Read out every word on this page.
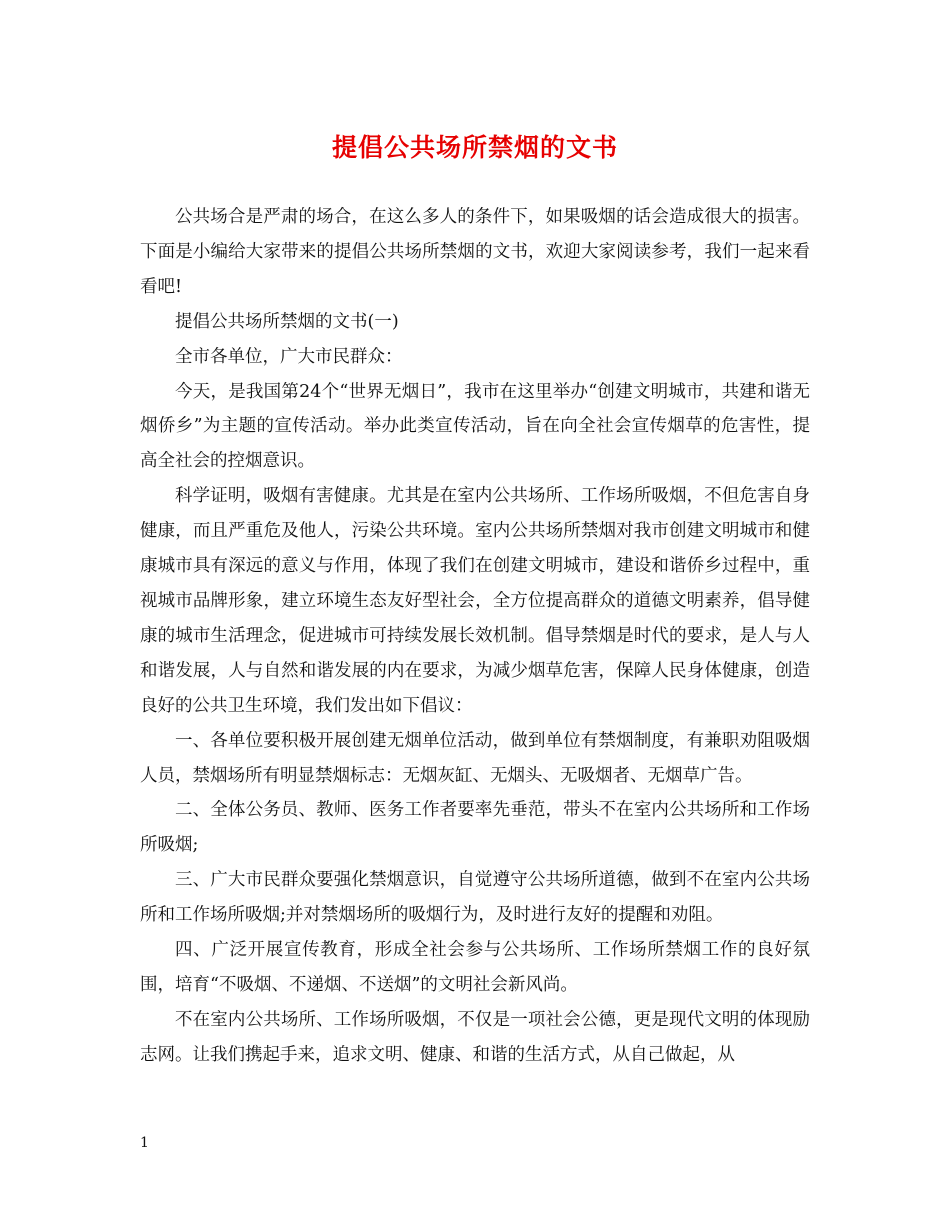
提倡公共场所禁烟的文书

公共场合是严肃的场合，在这么多人的条件下，如果吸烟的话会造成很大的损害。下面是小编给大家带来的提倡公共场所禁烟的文书，欢迎大家阅读参考，我们一起来看看吧!

提倡公共场所禁烟的文书(一)

全市各单位，广大市民群众：

今天，是我国第24个“世界无烟日”，我市在这里举办“创建文明城市，共建和谐无烟侨乡”为主题的宣传活动。举办此类宣传活动，旨在向全社会宣传烟草的危害性，提高全社会的控烟意识。

科学证明，吸烟有害健康。尤其是在室内公共场所、工作场所吸烟，不但危害自身健康，而且严重危及他人，污染公共环境。室内公共场所禁烟对我市创建文明城市和健康城市具有深远的意义与作用，体现了我们在创建文明城市，建设和谐侨乡过程中，重视城市品牌形象，建立环境生态友好型社会，全方位提高群众的道德文明素养，倡导健康的城市生活理念，促进城市可持续发展长效机制。倡导禁烟是时代的要求，是人与人和谐发展，人与自然和谐发展的内在要求，为减少烟草危害，保障人民身体健康，创造良好的公共卫生环境，我们发出如下倡议：

一、各单位要积极开展创建无烟单位活动，做到单位有禁烟制度，有兼职劝阻吸烟人员，禁烟场所有明显禁烟标志：无烟灰缸、无烟头、无吸烟者、无烟草广告。

二、全体公务员、教师、医务工作者要率先垂范，带头不在室内公共场所和工作场所吸烟;

三、广大市民群众要强化禁烟意识，自觉遵守公共场所道德，做到不在室内公共场所和工作场所吸烟;并对禁烟场所的吸烟行为，及时进行友好的提醒和劝阻。

四、广泛开展宣传教育，形成全社会参与公共场所、工作场所禁烟工作的良好氛围，培育“不吸烟、不递烟、不送烟”的文明社会新风尚。

不在室内公共场所、工作场所吸烟，不仅是一项社会公德，更是现代文明的体现励志网。让我们携起手来，追求文明、健康、和谐的生活方式，从自己做起，从

1
